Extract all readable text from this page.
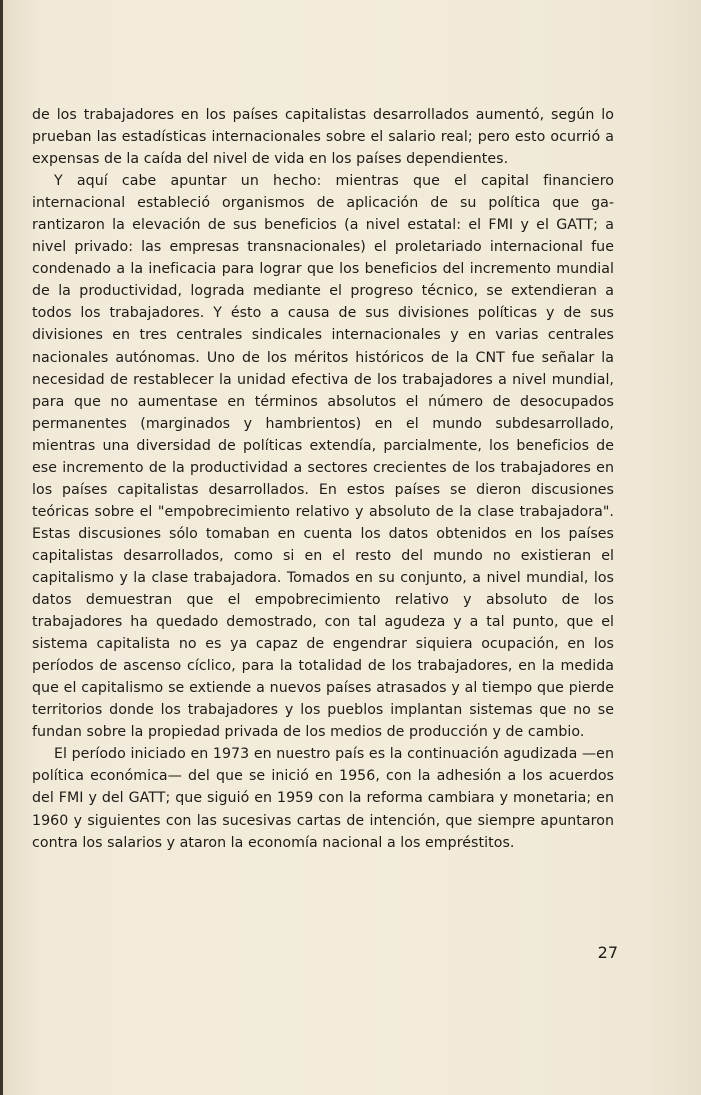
de los trabajadores en los países capitalistas desarrollados aumentó, según lo prueban las estadísticas internacionales sobre el salario real; pero esto ocurrió a expensas de la caída del nivel de vida en los países dependientes.

Y aquí cabe apuntar un hecho: mientras que el capital financiero internacional estableció organismos de aplicación de su política que garantizaron la elevación de sus beneficios (a nivel estatal: el FMI y el GATT; a nivel privado: las empresas transnacionales) el proletariado internacional fue condenado a la ineficacia para lograr que los beneficios del incremento mundial de la productividad, lograda mediante el progreso técnico, se extendieran a todos los trabajadores. Y ésto a causa de sus divisiones políticas y de sus divisiones en tres centrales sindicales internacionales y en varias centrales nacionales autónomas. Uno de los méritos históricos de la CNT fue señalar la necesidad de restablecer la unidad efectiva de los trabajadores a nivel mundial, para que no aumentase en términos absolutos el número de desocupados permanentes (marginados y hambrientos) en el mundo subdesarrollado, mientras una diversidad de políticas extendía, parcialmente, los beneficios de ese incremento de la productividad a sectores crecientes de los trabajadores en los países capitalistas desarrollados. En estos países se dieron discusiones teóricas sobre el "empobrecimiento relativo y absoluto de la clase trabajadora". Estas discusiones sólo tomaban en cuenta los datos obtenidos en los países capitalistas desarrollados, como si en el resto del mundo no existieran el capitalismo y la clase trabajadora. Tomados en su conjunto, a nivel mundial, los datos demuestran que el empobrecimiento relativo y absoluto de los trabajadores ha quedado demostrado, con tal agudeza y a tal punto, que el sistema capitalista no es ya capaz de engendrar siquiera ocupación, en los períodos de ascenso cíclico, para la totalidad de los trabajadores, en la medida que el capitalismo se extiende a nuevos países atrasados y al tiempo que pierde territorios donde los trabajadores y los pueblos implantan sistemas que no se fundan sobre la propiedad privada de los medios de producción y de cambio.

El período iniciado en 1973 en nuestro país es la continuación agudizada —en política económica— del que se inició en 1956, con la adhesión a los acuerdos del FMI y del GATT; que siguió en 1959 con la reforma cambiara y monetaria; en 1960 y siguientes con las sucesivas cartas de intención, que siempre apuntaron contra los salarios y ataron la economía nacional a los empréstitos.

27
